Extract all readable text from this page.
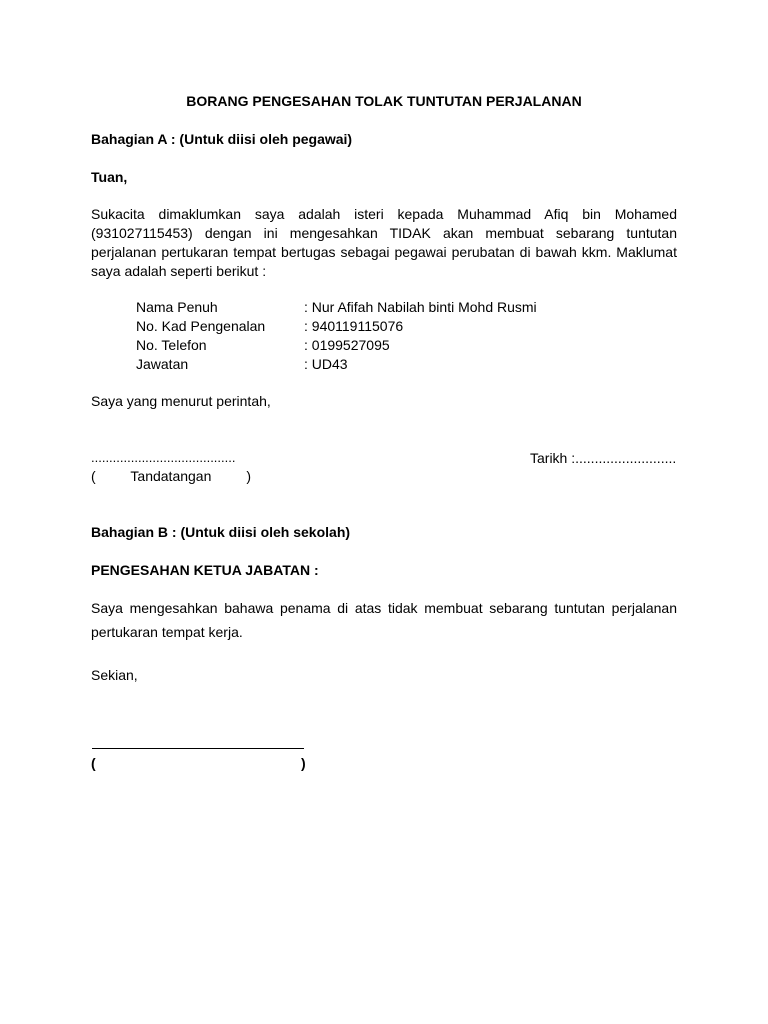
BORANG PENGESAHAN TOLAK TUNTUTAN PERJALANAN
Bahagian A : (Untuk diisi oleh pegawai)
Tuan,
Sukacita dimaklumkan saya adalah isteri kepada Muhammad Afiq bin Mohamed (931027115453) dengan ini mengesahkan TIDAK akan membuat sebarang tuntutan perjalanan pertukaran tempat bertugas sebagai pegawai perubatan di bawah kkm. Maklumat saya adalah seperti berikut :
Nama Penuh	: Nur Afifah Nabilah binti Mohd Rusmi
No. Kad Pengenalan	: 940119115076
No. Telefon	: 0199527095
Jawatan	: UD43
Saya yang menurut perintah,
........................................	Tarikh :..........................
(         Tandatangan         )
Bahagian B : (Untuk diisi oleh sekolah)
PENGESAHAN KETUA JABATAN :
Saya mengesahkan bahawa penama di atas tidak membuat sebarang tuntutan perjalanan pertukaran tempat kerja.
Sekian,
(	)
